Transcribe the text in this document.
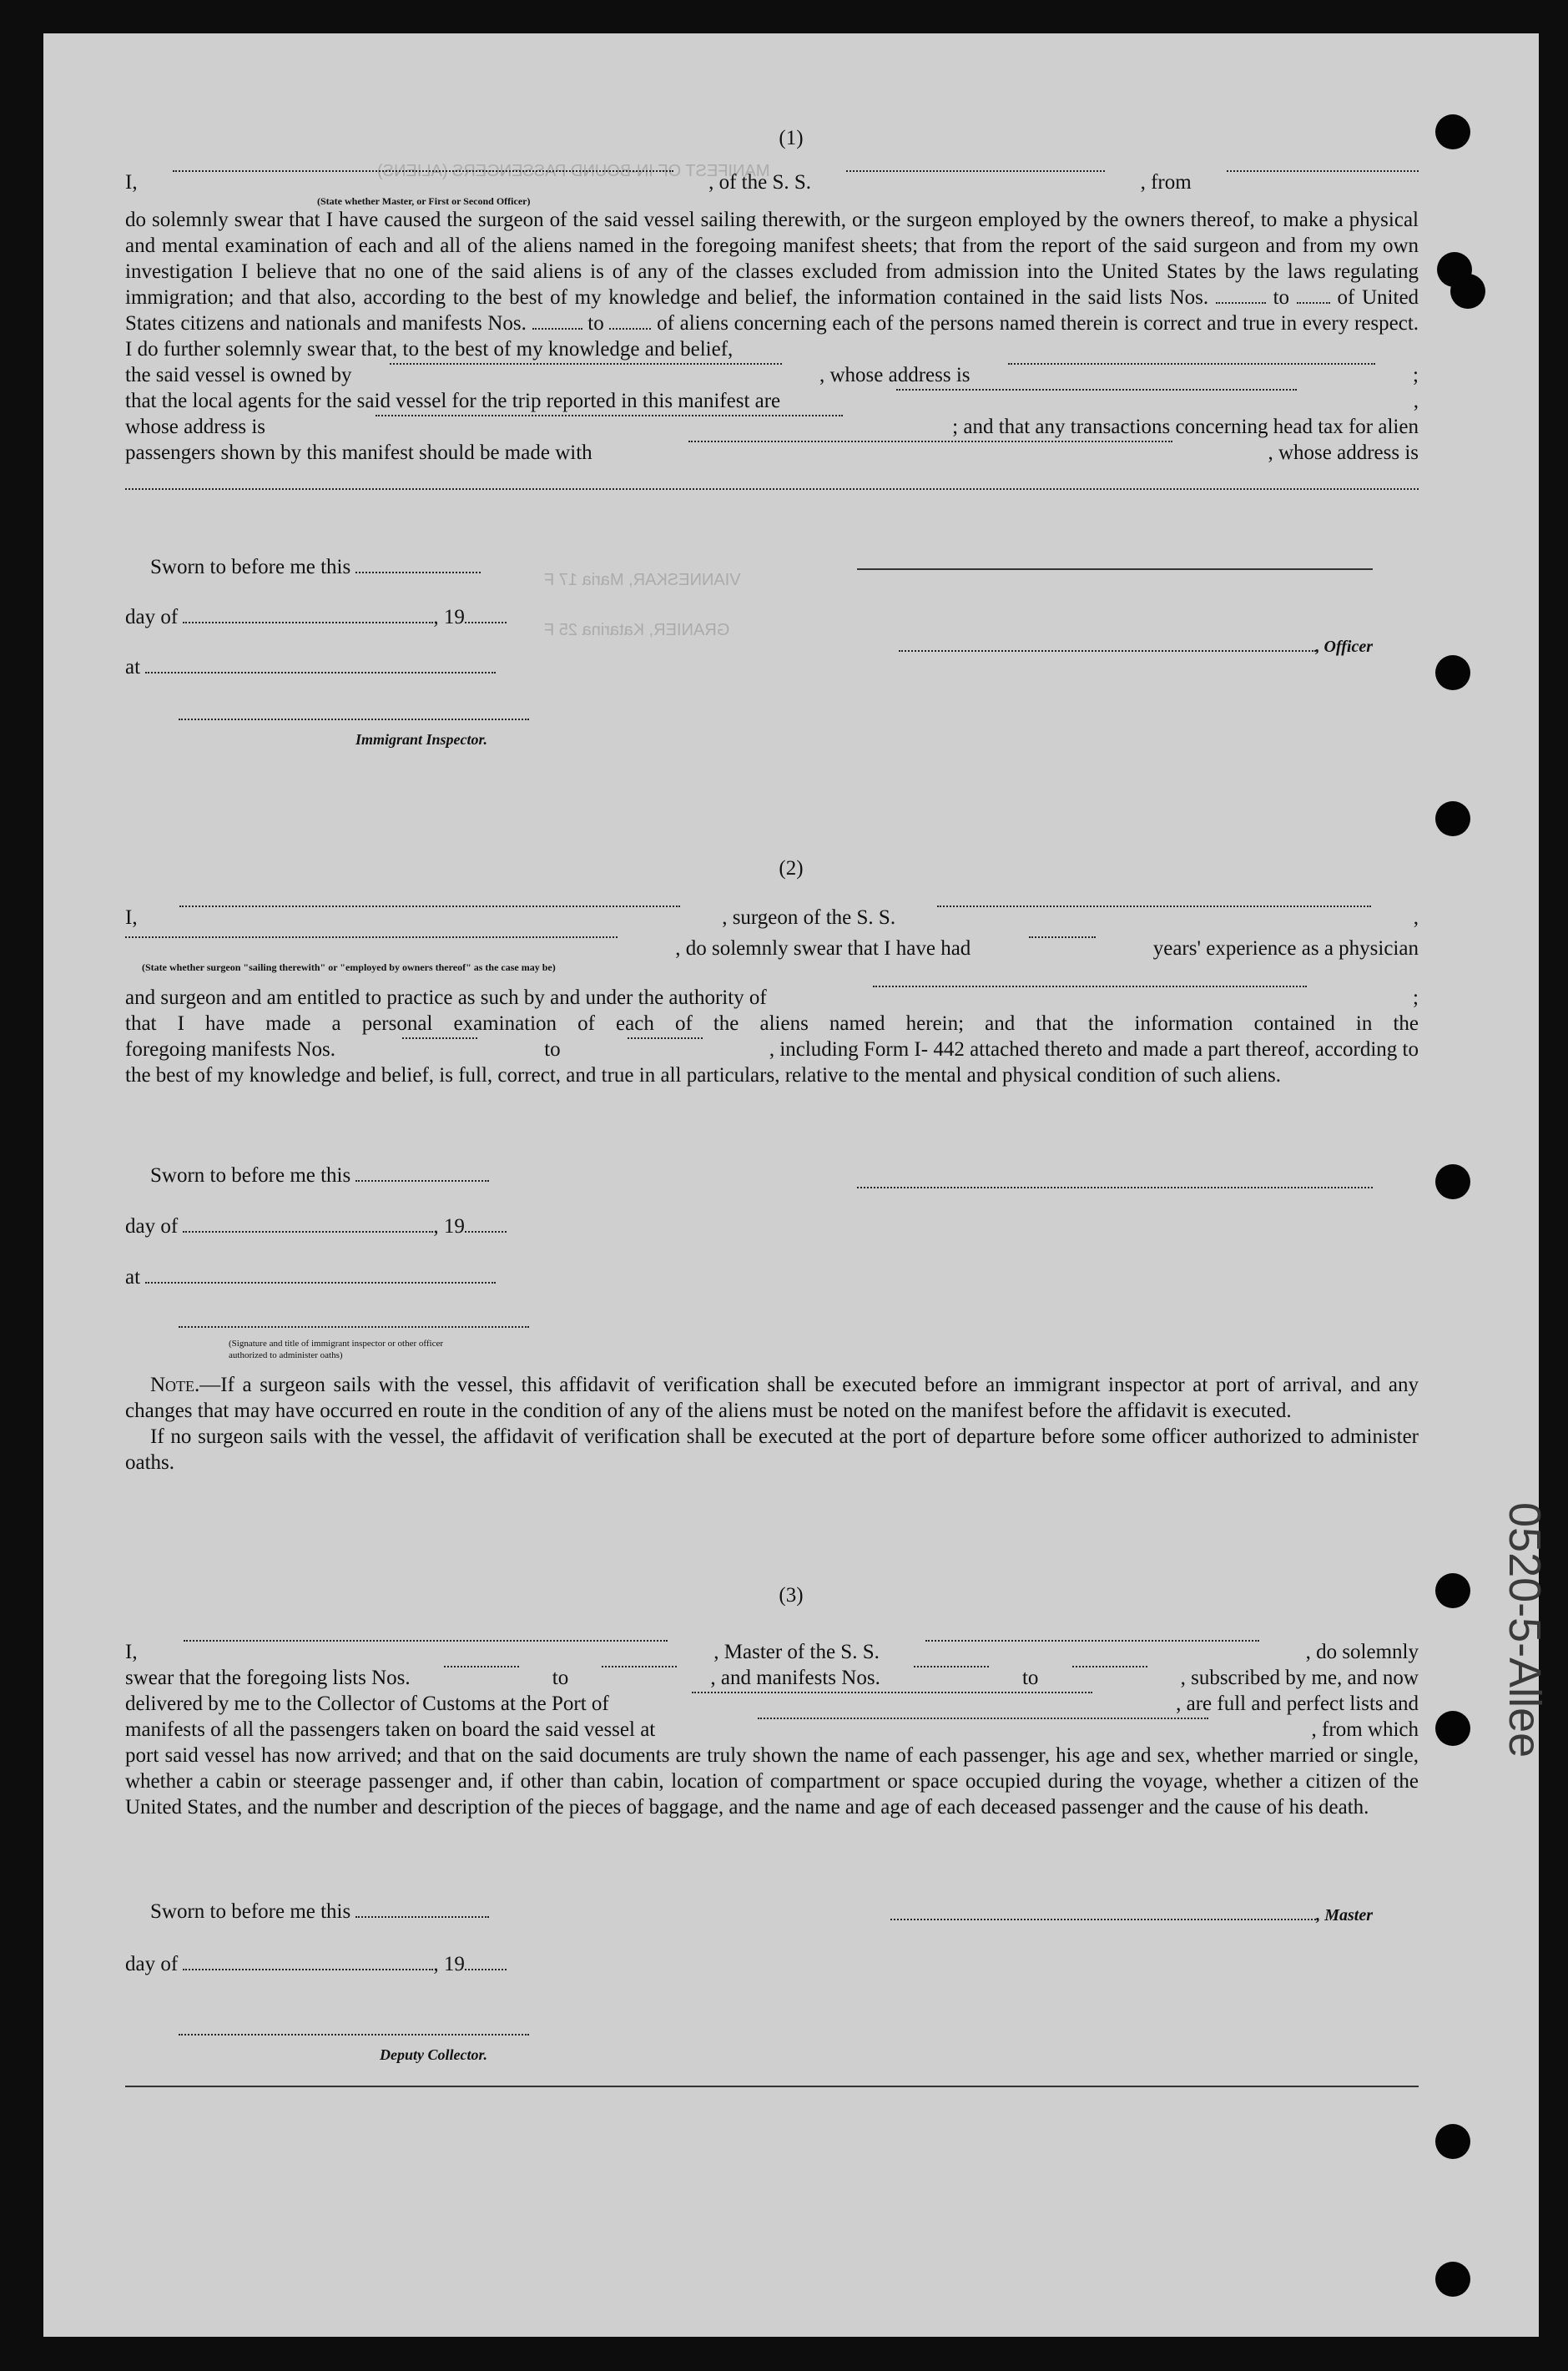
MANIFEST OF IN-BOUND PASSENGERS (ALIENS)
VIANNESKAR, Maria 17 F
GRANIER, Katarina 25 F
0520-5-Allee
(1)
I,	, of the S. S.	, from
(State whether Master, or First or Second Officer)

do solemnly swear that I have caused the surgeon of the said vessel sailing therewith, or the surgeon employed by the owners thereof, to make a physical and mental examination of each and all of the aliens named in the foregoing manifest sheets; that from the report of the said surgeon and from my own investigation I believe that no one of the said aliens is of any of the classes excluded from admission into the United States by the laws regulating immigration; and that also, according to the best of my knowledge and belief, the information contained in the said lists Nos.	to of United States citizens and nationals and manifests Nos.	to	of aliens concerning each of the persons named therein is correct and true in every respect. I do further solemnly swear that, to the best of my knowledge and belief,

the said vessel is owned by	, whose address is	;
that the local agents for the said vessel for the trip reported in this manifest are	,
whose address is	; and that any transactions concerning head tax for alien
passengers shown by this manifest should be made with	, whose address is
Sworn to before me this
day of	, 19
, Officer
at
Immigrant Inspector.
(2)
I,	, surgeon of the S. S.	,
, do solemnly swear that I have had	years' experience as a physician
(State whether surgeon "sailing therewith" or "employed by owners thereof" as the case may be)
and surgeon and am entitled to practice as such by and under the authority of	;
that I have made a personal examination of each of the aliens named herein; and that the information contained in the
foregoing manifests Nos.	to	, including Form I- 442 attached thereto and made a part thereof, according to

the best of my knowledge and belief, is full, correct, and true in all particulars, relative to the mental and physical condition of such aliens.

Sworn to before me this
day of	, 19
at
(Signature and title of immigrant inspector or other officer authorized to administer oaths)

Note.—If a surgeon sails with the vessel, this affidavit of verification shall be executed before an immigrant inspector at port of arrival, and any changes that may have occurred en route in the condition of any of the aliens must be noted on the manifest before the affidavit is executed.

If no surgeon sails with the vessel, the affidavit of verification shall be executed at the port of departure before some officer authorized to administer oaths.

(3)
I,	, Master of the S. S.	, do solemnly
swear that the foregoing lists Nos.	to	, and manifests Nos.	to	, subscribed by me, and now
delivered by me to the Collector of Customs at the Port of	, are full and perfect lists and
manifests of all the passengers taken on board the said vessel at	, from which

port said vessel has now arrived; and that on the said documents are truly shown the name of each passenger, his age and sex, whether married or single, whether a cabin or steerage passenger and, if other than cabin, location of compartment or space occupied during the voyage, whether a citizen of the United States, and the number and description of the pieces of baggage, and the name and age of each deceased passenger and the cause of his death.

Sworn to before me this	, Master
day of	, 19
Deputy Collector.
